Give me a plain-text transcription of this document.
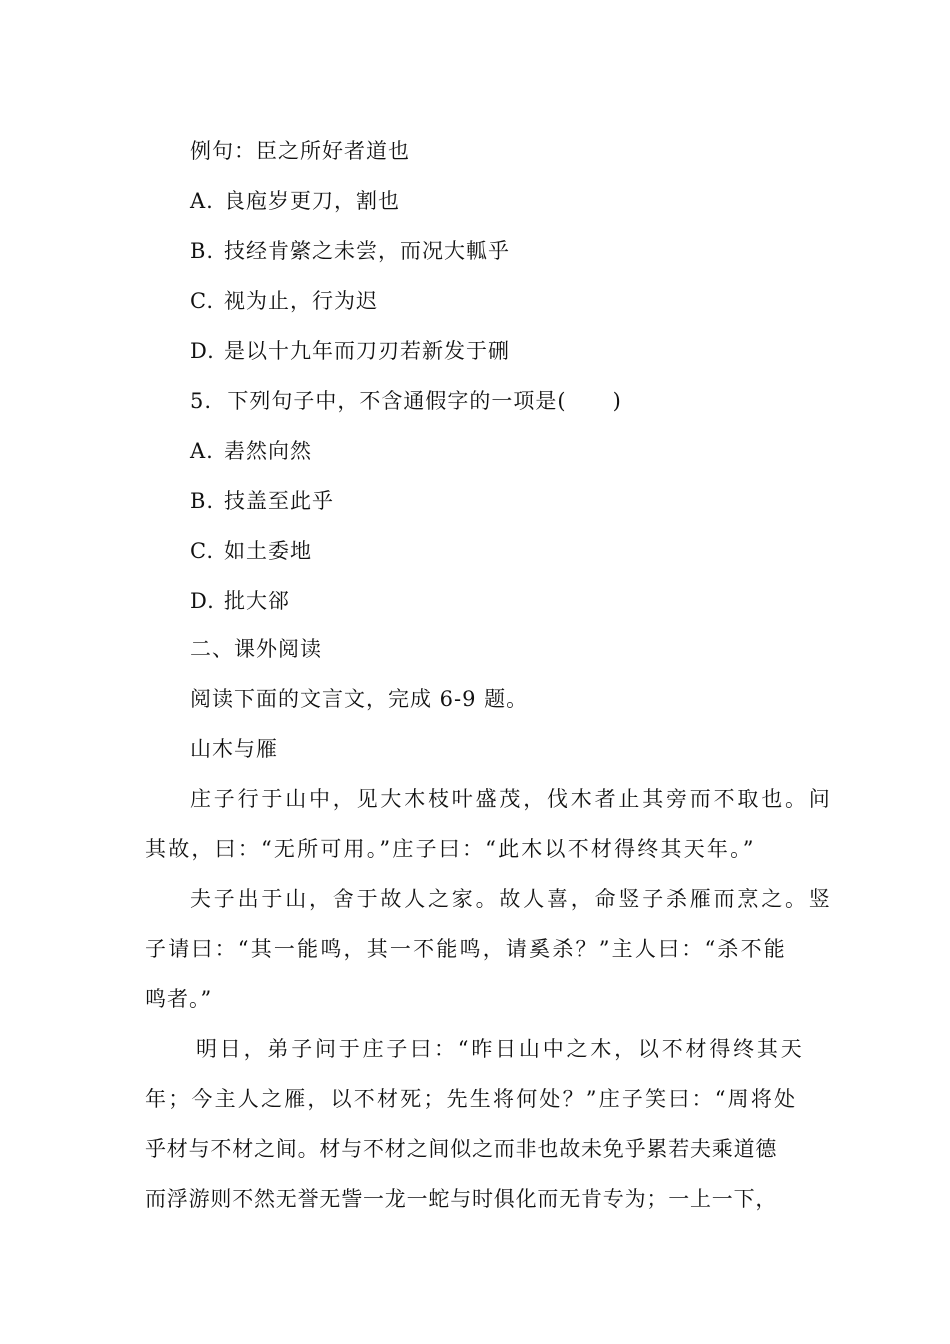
例句：臣之所好者道也
A. 良庖岁更刀，割也
B. 技经肯綮之未尝，而况大軱乎
C. 视为止，行为迟
D. 是以十九年而刀刃若新发于硎
5.  下列句子中，不含通假字的一项是(      )
A. 砉然向然
B. 技盖至此乎
C. 如土委地
D. 批大郤
二、课外阅读
阅读下面的文言文，完成 6-9 题。
山木与雁
庄子行于山中，见大木枝叶盛茂，伐木者止其旁而不取也。问
其故，曰：“无所可用。”庄子曰：“此木以不材得终其天年。”
夫子出于山，舍于故人之家。故人喜，命竖子杀雁而烹之。竖
子请曰：“其一能鸣，其一不能鸣，请奚杀？”主人曰：“杀不能
鸣者。”
明日，弟子问于庄子曰：“昨日山中之木，以不材得终其天
年；今主人之雁，以不材死；先生将何处？”庄子笑曰：“周将处
乎材与不材之间。材与不材之间似之而非也故未免乎累若夫乘道德
而浮游则不然无誉无訾一龙一蛇与时俱化而无肯专为；一上一下，
